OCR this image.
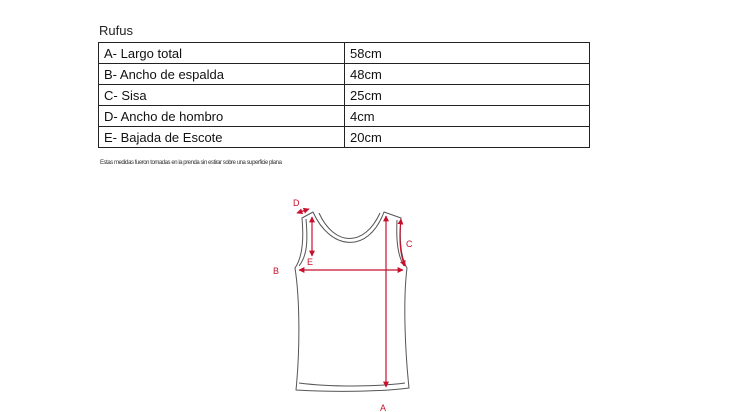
Rufus
A- Largo total	58cm
B- Ancho de espalda	48cm
C- Sisa	25cm
D- Ancho de hombro	4cm
E- Bajada de Escote	20cm
Estas medidas fueron tomadas en la prenda sin estirar sobre una superficie plana
A
B
C
D
E
